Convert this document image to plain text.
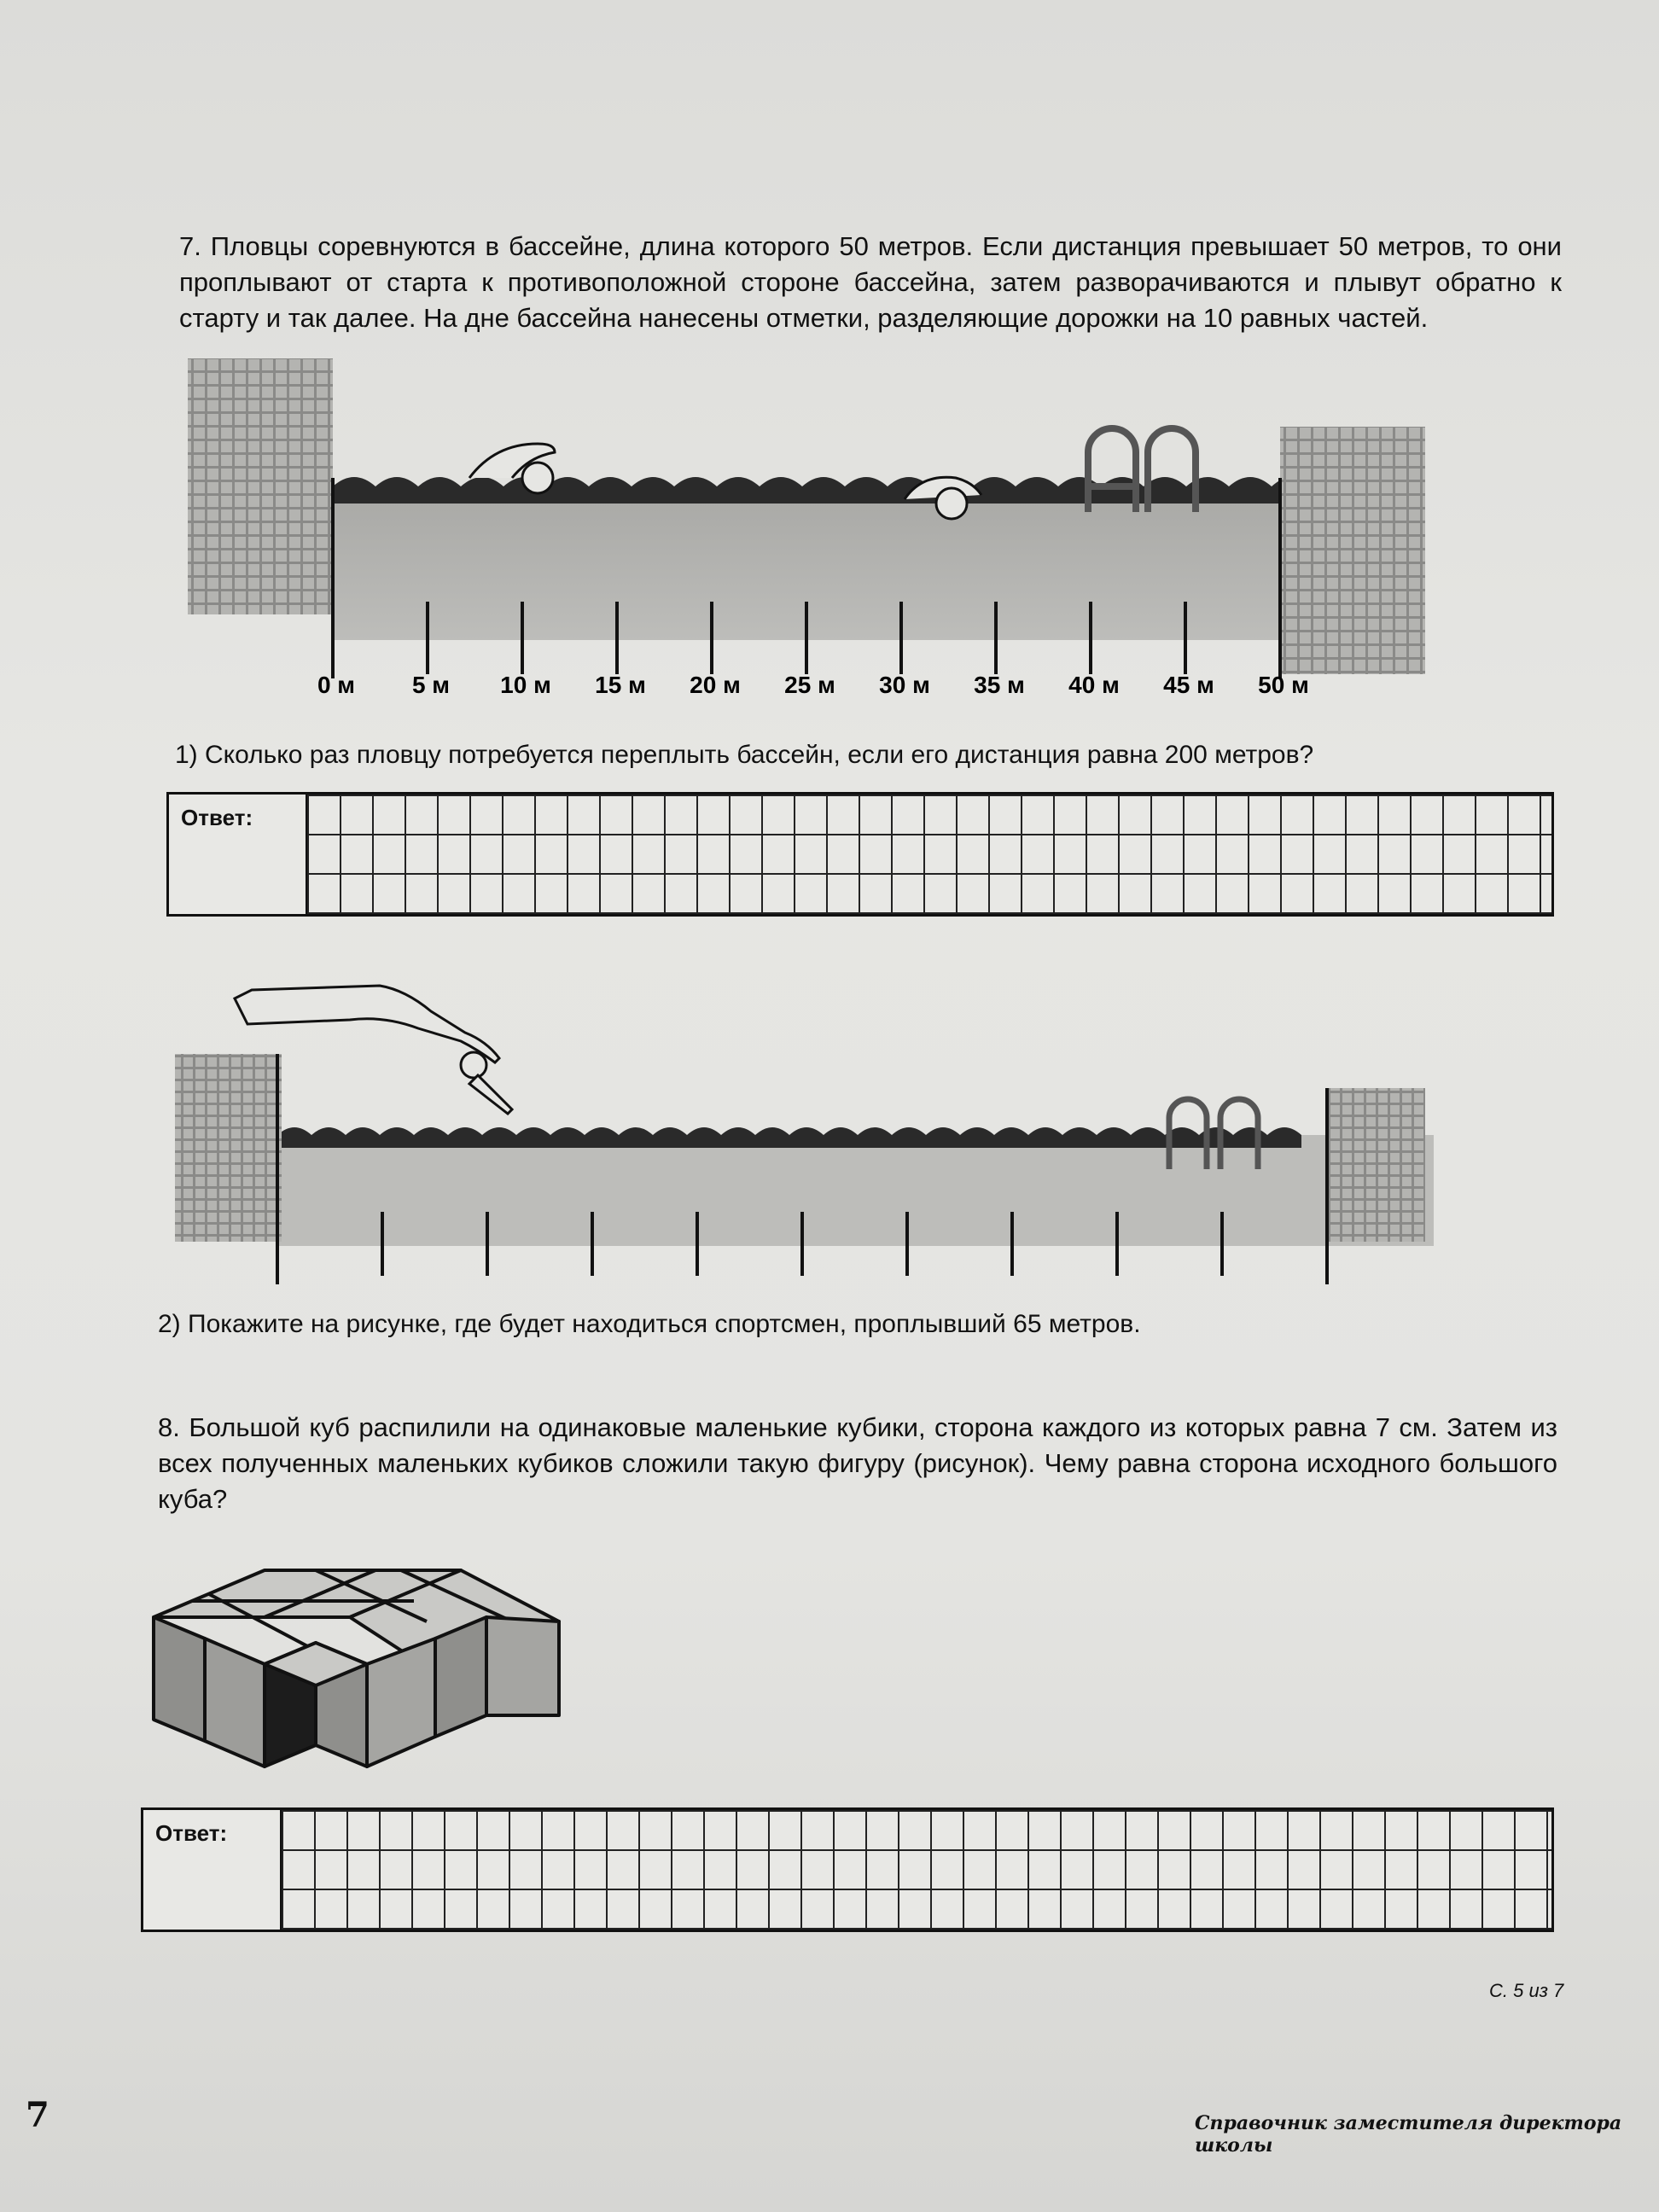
7. Пловцы соревнуются в бассейне, длина которого 50 метров. Если дистанция превышает 50 метров, то они проплывают от старта к противоположной стороне бассейна, затем разворачиваются и плывут обратно к старту и так далее. На дне бассейна нанесены отметки, разделяющие дорожки на 10 равных частей.

0 м 5 м 10 м 15 м 20 м 25 м 30 м 35 м 40 м 45 м 50 м
1) Сколько раз пловцу потребуется переплыть бассейн, если его дистанция равна 200 метров?
Ответ:
2) Покажите на рисунке, где будет находиться спортсмен, проплывший 65 метров.

8. Большой куб распилили на одинаковые маленькие кубики, сторона каждого из которых равна 7 см. Затем из всех полученных маленьких кубиков сложили такую фигуру (рисунок). Чему равна сторона исходного большого куба?

Ответ:
С. 5 из 7
7	Справочник заместителя директора школы
